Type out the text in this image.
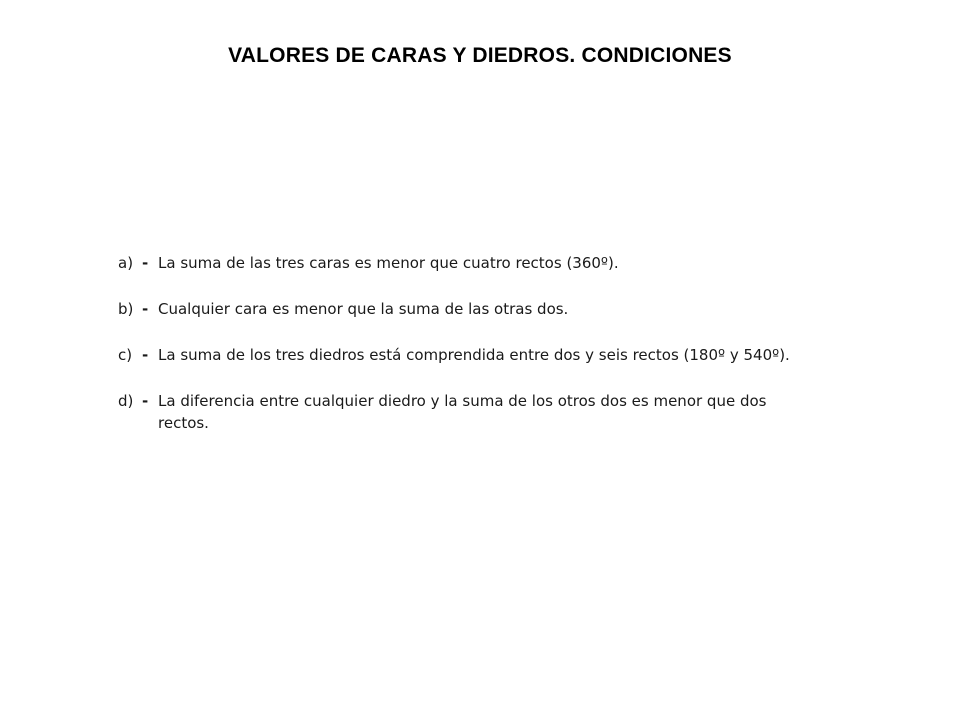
VALORES DE CARAS Y DIEDROS. CONDICIONES
a) - La suma de las tres caras es menor que cuatro rectos (360º).
b) - Cualquier cara es menor que la suma de las otras dos.
c) - La suma de los tres diedros está comprendida entre dos y seis rectos (180º y 540º).
d) - La diferencia entre cualquier diedro y la suma de los otros dos es menor que dos rectos.
